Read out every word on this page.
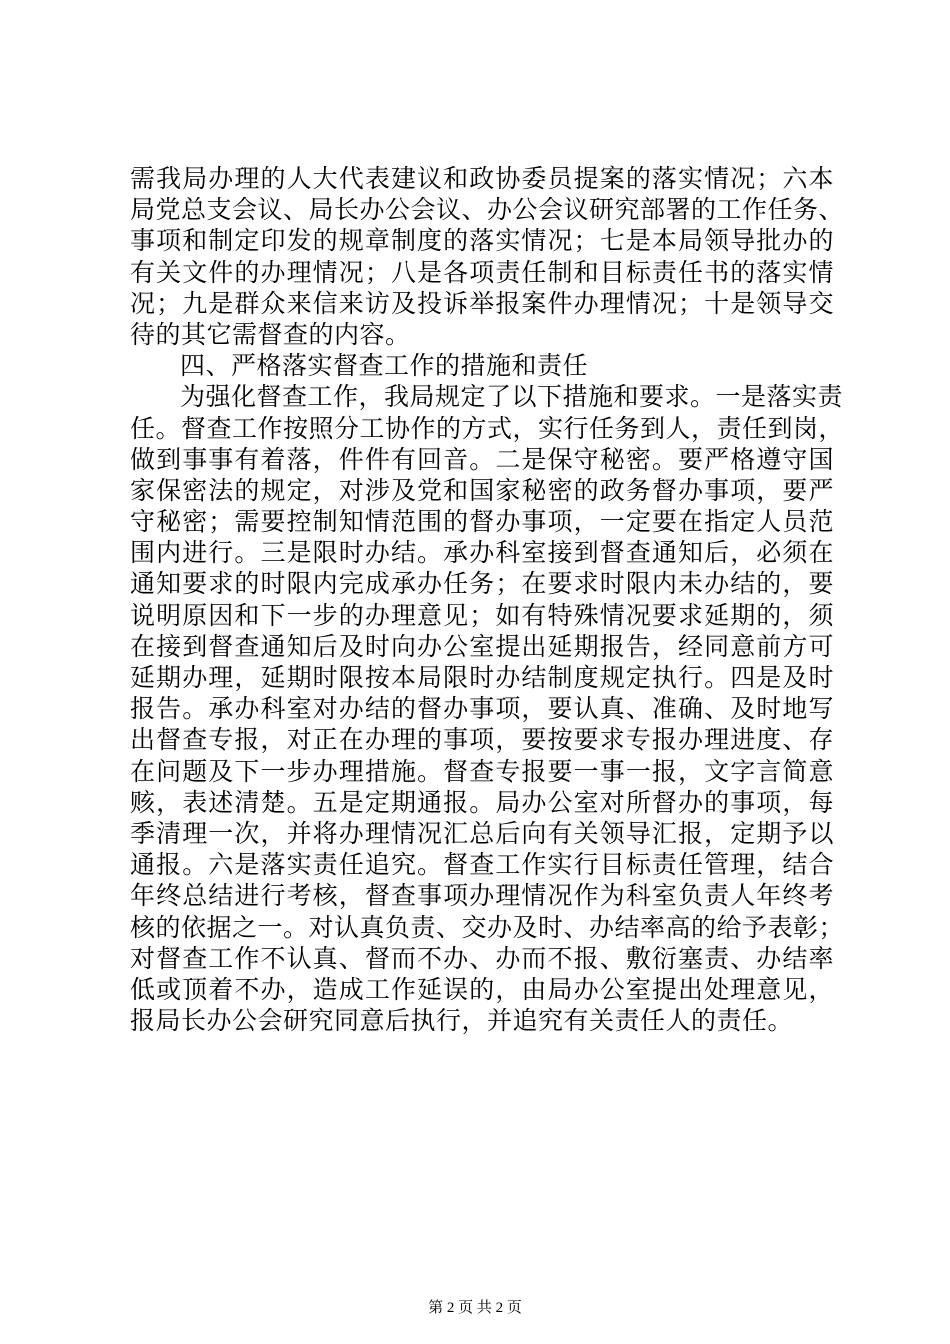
需我局办理的人大代表建议和政协委员提案的落实情况；六本
局党总支会议、局长办公会议、办公会议研究部署的工作任务、
事项和制定印发的规章制度的落实情况；七是本局领导批办的
有关文件的办理情况；八是各项责任制和目标责任书的落实情
况；九是群众来信来访及投诉举报案件办理情况；十是领导交
待的其它需督查的内容。
四、严格落实督查工作的措施和责任
为强化督查工作，我局规定了以下措施和要求。一是落实责
任。督查工作按照分工协作的方式，实行任务到人，责任到岗，
做到事事有着落，件件有回音。二是保守秘密。要严格遵守国
家保密法的规定，对涉及党和国家秘密的政务督办事项，要严
守秘密；需要控制知情范围的督办事项，一定要在指定人员范
围内进行。三是限时办结。承办科室接到督查通知后，必须在
通知要求的时限内完成承办任务；在要求时限内未办结的，要
说明原因和下一步的办理意见；如有特殊情况要求延期的，须
在接到督查通知后及时向办公室提出延期报告，经同意前方可
延期办理，延期时限按本局限时办结制度规定执行。四是及时
报告。承办科室对办结的督办事项，要认真、准确、及时地写
出督查专报，对正在办理的事项，要按要求专报办理进度、存
在问题及下一步办理措施。督查专报要一事一报，文字言简意
赅，表述清楚。五是定期通报。局办公室对所督办的事项，每
季清理一次，并将办理情况汇总后向有关领导汇报，定期予以
通报。六是落实责任追究。督查工作实行目标责任管理，结合
年终总结进行考核，督查事项办理情况作为科室负责人年终考
核的依据之一。对认真负责、交办及时、办结率高的给予表彰；
对督查工作不认真、督而不办、办而不报、敷衍塞责、办结率
低或顶着不办，造成工作延误的，由局办公室提出处理意见，
报局长办公会研究同意后执行，并追究有关责任人的责任。
第 2 页 共 2 页
